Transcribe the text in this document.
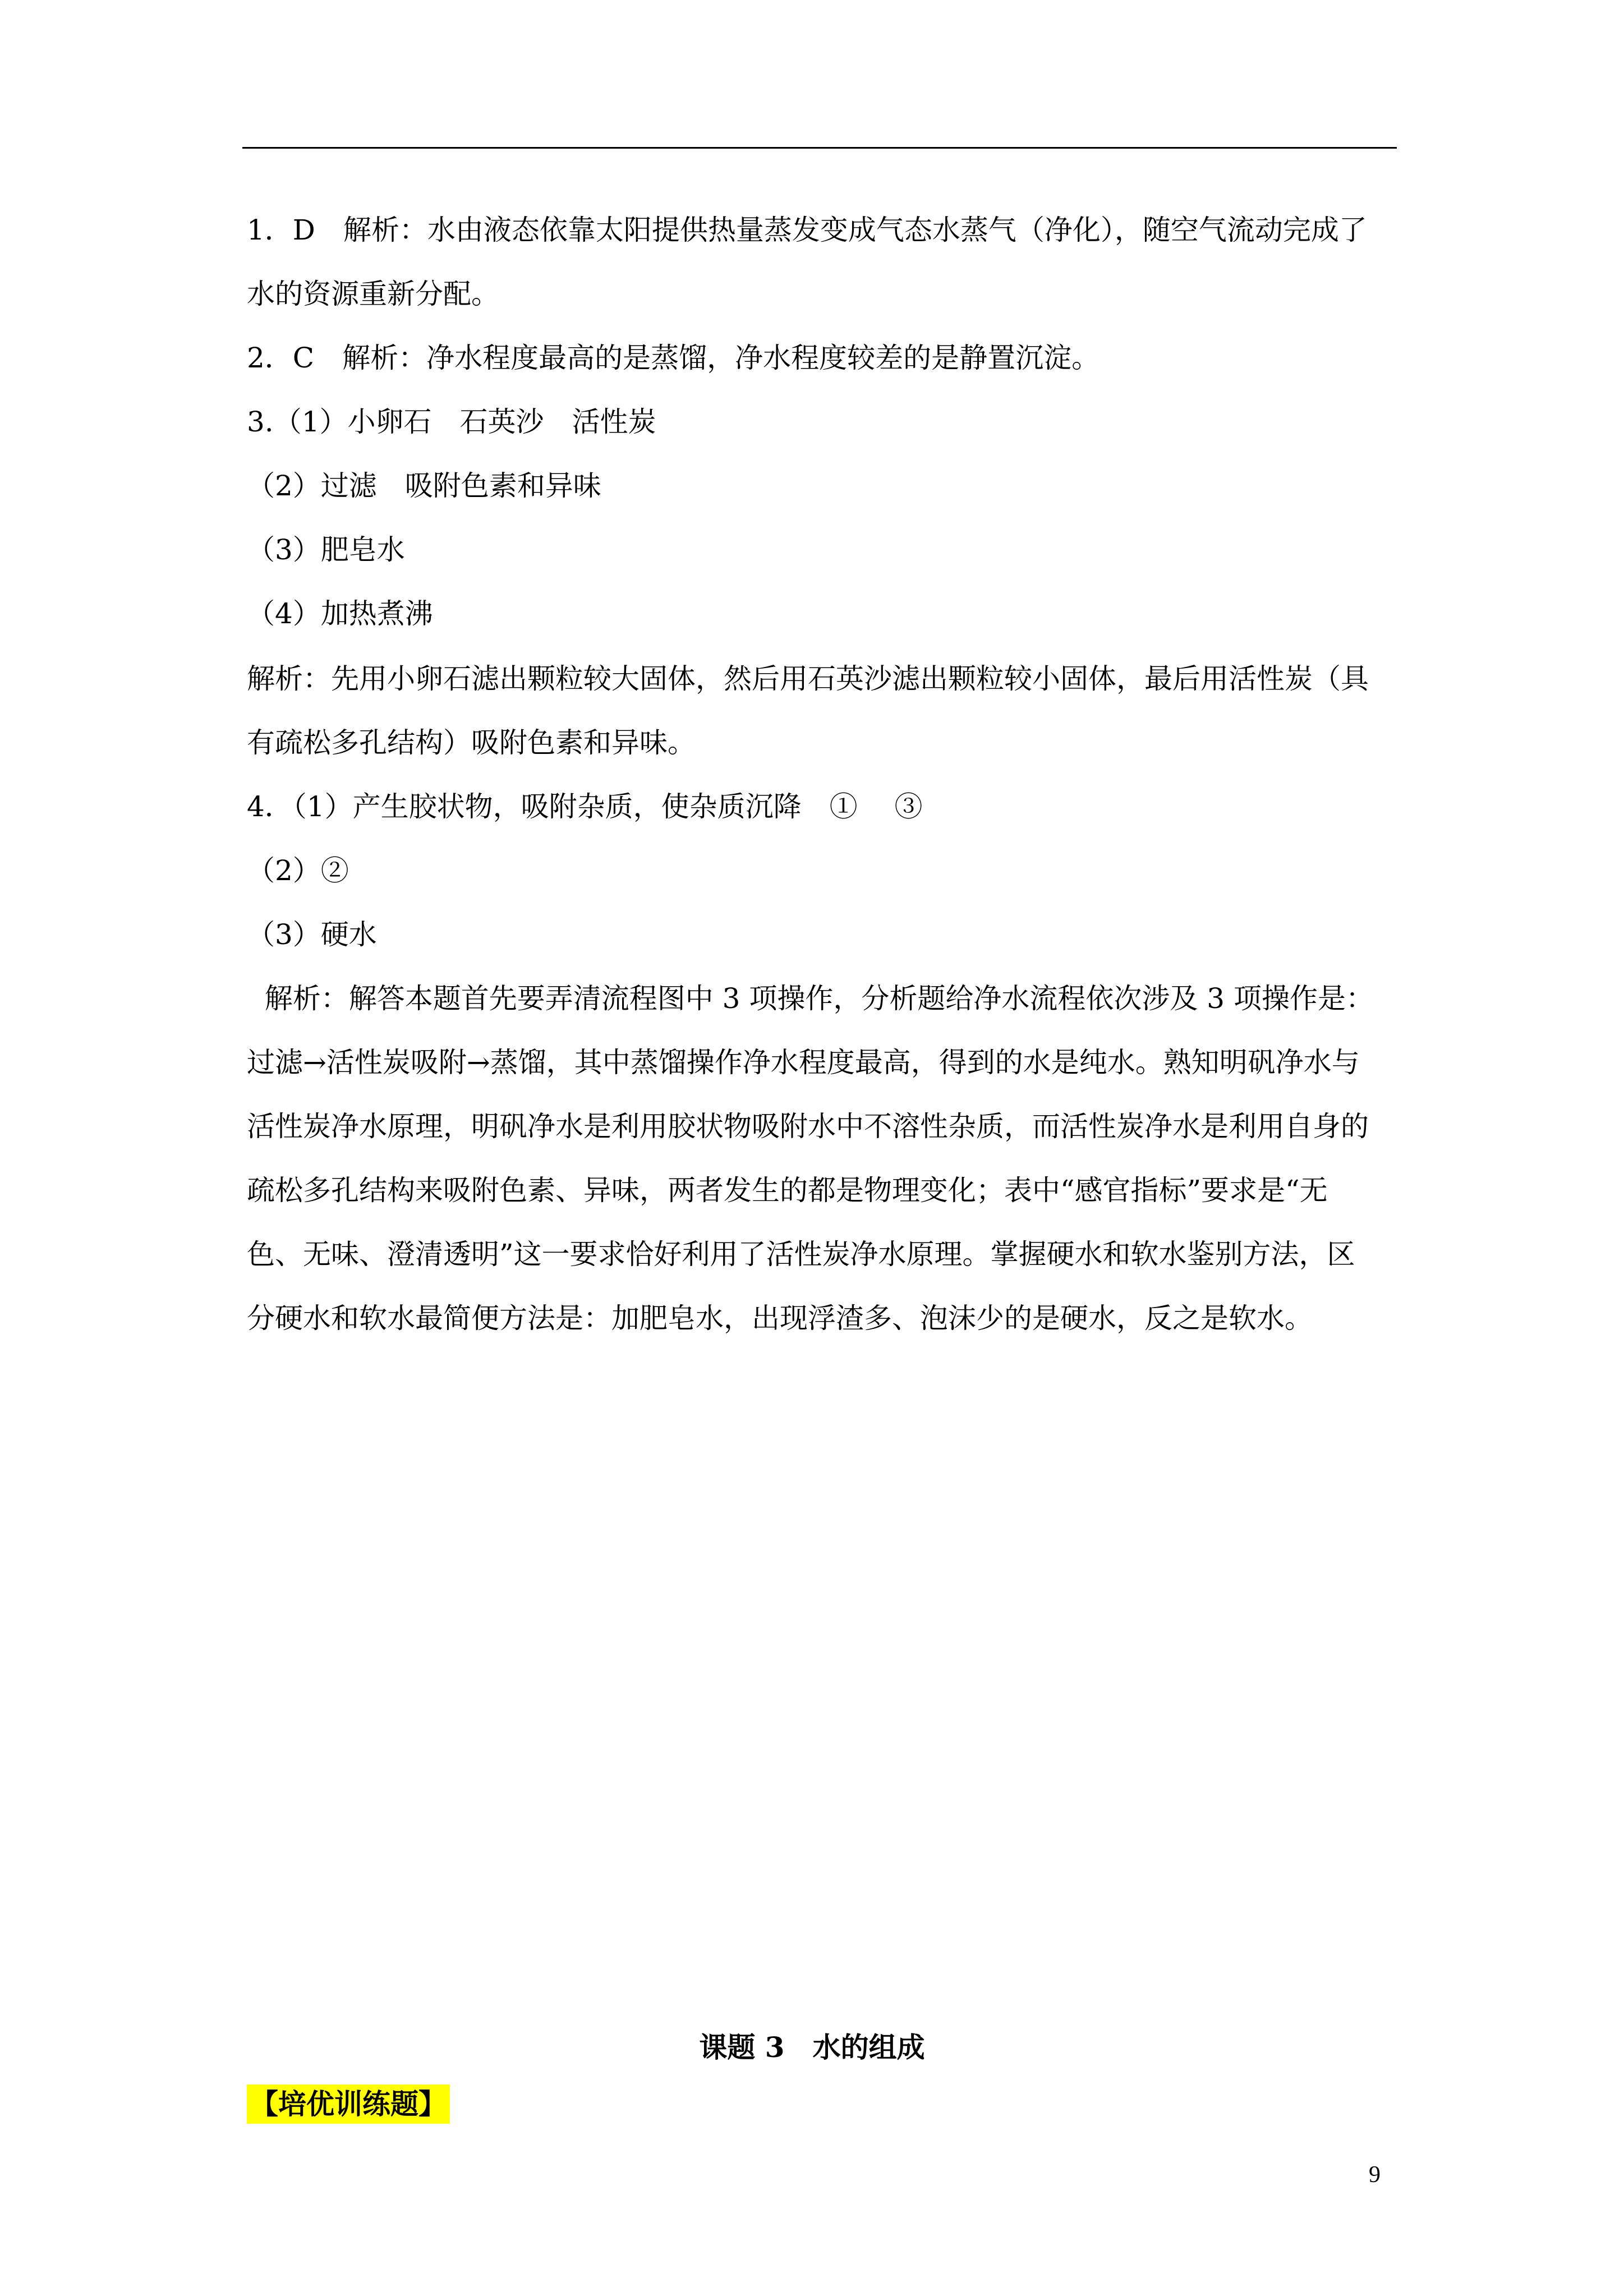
1．D　解析：水由液态依靠太阳提供热量蒸发变成气态水蒸气（净化），随空气流动完成了
水的资源重新分配。
2．C　解析：净水程度最高的是蒸馏，净水程度较差的是静置沉淀。
3.（1）小卵石　石英沙　活性炭
（2）过滤　吸附色素和异味
（3）肥皂水
（4）加热煮沸
解析：先用小卵石滤出颗粒较大固体，然后用石英沙滤出颗粒较小固体，最后用活性炭（具
有疏松多孔结构）吸附色素和异味。
4．（1）产生胶状物，吸附杂质，使杂质沉降　①　 ③
（2）②
（3）硬水
解析：解答本题首先要弄清流程图中 3 项操作，分析题给净水流程依次涉及 3 项操作是：
过滤→活性炭吸附→蒸馏，其中蒸馏操作净水程度最高，得到的水是纯水。熟知明矾净水与
活性炭净水原理，明矾净水是利用胶状物吸附水中不溶性杂质，而活性炭净水是利用自身的
疏松多孔结构来吸附色素、异味，两者发生的都是物理变化；表中“感官指标”要求是“无
色、无味、澄清透明”这一要求恰好利用了活性炭净水原理。掌握硬水和软水鉴别方法，区
分硬水和软水最简便方法是：加肥皂水，出现浮渣多、泡沫少的是硬水，反之是软水。
课题 3　水的组成
【培优训练题】
9
